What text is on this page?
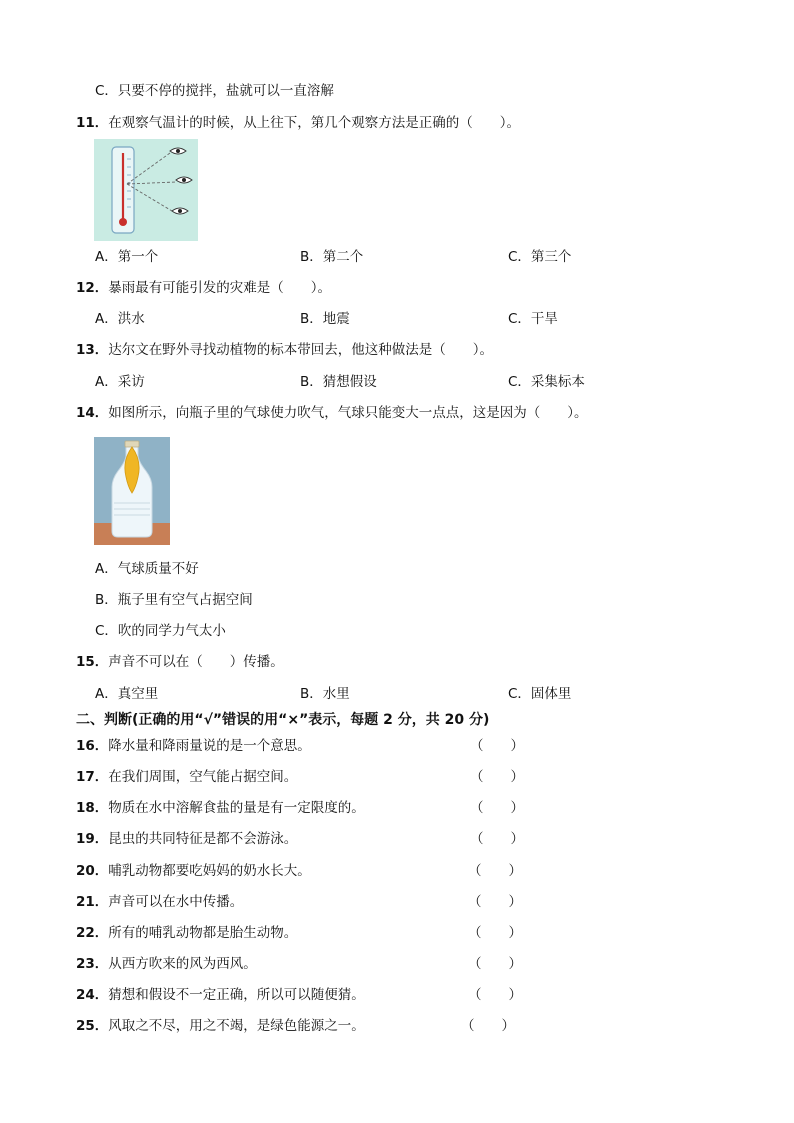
C．只要不停的搅拌，盐就可以一直溶解
11．在观察气温计的时候，从上往下，第几个观察方法是正确的（　　）。
A．第一个	B．第二个	C．第三个
12．暴雨最有可能引发的灾难是（　　）。
A．洪水	B．地震	C．干旱
13．达尔文在野外寻找动植物的标本带回去，他这种做法是（　　）。
A．采访	B．猜想假设	C．采集标本
14．如图所示，向瓶子里的气球使力吹气，气球只能变大一点点，这是因为（　　）。
A．气球质量不好
B．瓶子里有空气占据空间
C．吹的同学力气太小
15．声音不可以在（　　）传播。
A．真空里	B．水里	C．固体里
二、判断(正确的用“√”错误的用“×”表示，每题 2 分，共 20 分)
16．降水量和降雨量说的是一个意思。	（　　）
17．在我们周围，空气能占据空间。	（　　）
18．物质在水中溶解食盐的量是有一定限度的。	（　　）
19．昆虫的共同特征是都不会游泳。	（　　）
20．哺乳动物都要吃妈妈的奶水长大。	（　　）
21．声音可以在水中传播。	（　　）
22．所有的哺乳动物都是胎生动物。	（　　）
23．从西方吹来的风为西风。	（　　）
24．猜想和假设不一定正确，所以可以随便猜。	（　　）
25．风取之不尽，用之不竭，是绿色能源之一。	（　　）
